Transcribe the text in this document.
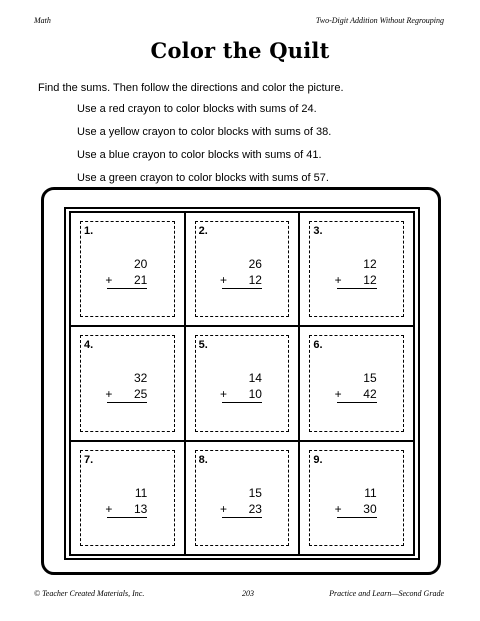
Math	Two-Digit Addition Without Regrouping
Color the Quilt
Find the sums. Then follow the directions and color the picture.
Use a red crayon to color blocks with sums of 24.
Use a yellow crayon to color blocks with sums of 38.
Use a blue crayon to color blocks with sums of 41.
Use a green crayon to color blocks with sums of 57.
1.
20
+ 21
2.
26
+ 12
3.
12
+ 12
4.
32
+ 25
5.
14
+ 10
6.
15
+ 42
7.
11
+ 13
8.
15
+ 23
9.
11
+ 30
© Teacher Created Materials, Inc.	203	Practice and Learn—Second Grade
